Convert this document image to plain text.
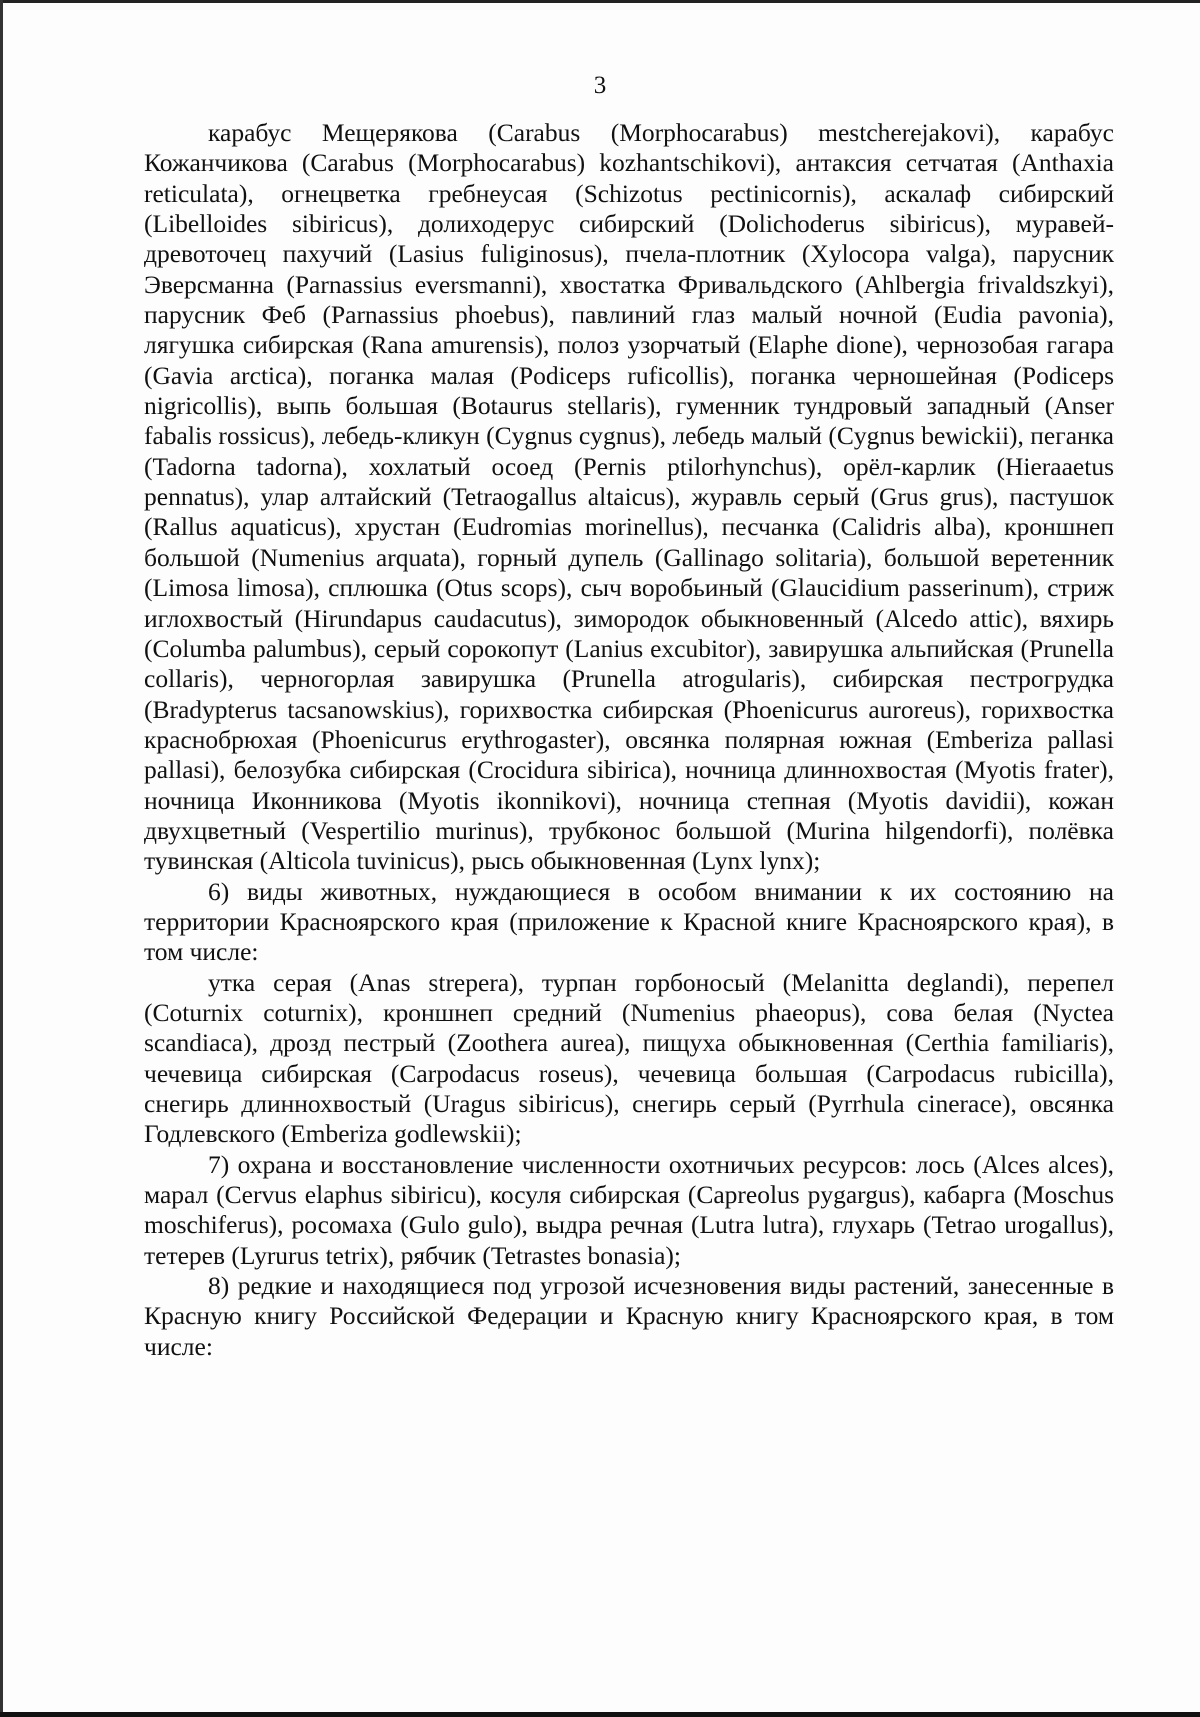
3

карабус Мещерякова (Carabus (Morphocarabus) mestcherejakovi), карабус Кожанчикова (Carabus (Morphocarabus) kozhantschikovi), антаксия сетчатая (Anthaxia reticulata), огнецветка гребнеусая (Schizotus pectinicornis), аскалаф сибирский (Libelloides sibiricus), долиходерус сибирский (Dolichoderus sibiricus), муравей-древоточец пахучий (Lasius fuliginosus), пчела-плотник (Xylocopa valga), парусник Эверсманна (Parnassius eversmanni), хвостатка Фривальдского (Ahlbergia frivaldszkyi), парусник Феб (Parnassius phoebus), павлиний глаз малый ночной (Eudia pavonia), лягушка сибирская (Rana amurensis), полоз узорчатый (Elaphe dione), чернозобая гагара (Gavia arctica), поганка малая (Podiceps ruficollis), поганка черношейная (Podiceps nigricollis), выпь большая (Botaurus stellaris), гуменник тундровый западный (Anser fabalis rossicus), лебедь-кликун (Cygnus cygnus), лебедь малый (Cygnus bewickii), пеганка (Tadorna tadorna), хохлатый осоед (Pernis ptilorhynchus), орёл-карлик (Hieraaetus pennatus), улар алтайский (Tetraogallus altaicus), журавль серый (Grus grus), пастушок (Rallus aquaticus), хрустан (Eudromias morinellus), песчанка (Calidris alba), кроншнеп большой (Numenius arquata), горный дупель (Gallinago solitaria), большой веретенник (Limosa limosa), сплюшка (Otus scops), сыч воробьиный (Glaucidium passerinum), стриж иглохвостый (Hirundapus caudacutus), зимородок обыкновенный (Alcedo attic), вяхирь (Columba palumbus), серый сорокопут (Lanius excubitor), завирушка альпийская (Prunella collaris), черногорлая завирушка (Prunella atrogularis), сибирская пестрогрудка (Bradypterus tacsanowskius), горихвостка сибирская (Phoenicurus auroreus), горихвостка краснобрюхая (Phoenicurus erythrogaster), овсянка полярная южная (Emberiza pallasi pallasi), белозубка сибирская (Crocidura sibirica), ночница длиннохвостая (Myotis frater), ночница Иконникова (Myotis ikonnikovi), ночница степная (Myotis davidii), кожан двухцветный (Vespertilio murinus), трубконос большой (Murina hilgendorfi), полёвка тувинская (Alticola tuvinicus), рысь обыкновенная (Lynx lynx);

6) виды животных, нуждающиеся в особом внимании к их состоянию на территории Красноярского края (приложение к Красной книге Красноярского края), в том числе:

утка серая (Anas strepera), турпан горбоносый (Melanitta deglandi), перепел (Coturnix coturnix), кроншнеп средний (Numenius phaeopus), сова белая (Nyctea scandiaca), дрозд пестрый (Zoothera aurea), пищуха обыкновенная (Certhia familiaris), чечевица сибирская (Carpodacus roseus), чечевица большая (Carpodacus rubicilla), снегирь длиннохвостый (Uragus sibiricus), снегирь серый (Pyrrhula cinerace), овсянка Годлевского (Emberiza godlewskii);

7) охрана и восстановление численности охотничьих ресурсов: лось (Alces alces), марал (Cervus elaphus sibiricu), косуля сибирская (Capreolus pygargus), кабарга (Moschus moschiferus), росомаха (Gulo gulo), выдра речная (Lutra lutra), глухарь (Tetrao urogallus), тетерев (Lyrurus tetrix), рябчик (Tetrastes bonasia);

8) редкие и находящиеся под угрозой исчезновения виды растений, занесенные в Красную книгу Российской Федерации и Красную книгу Красноярского края, в том числе:
